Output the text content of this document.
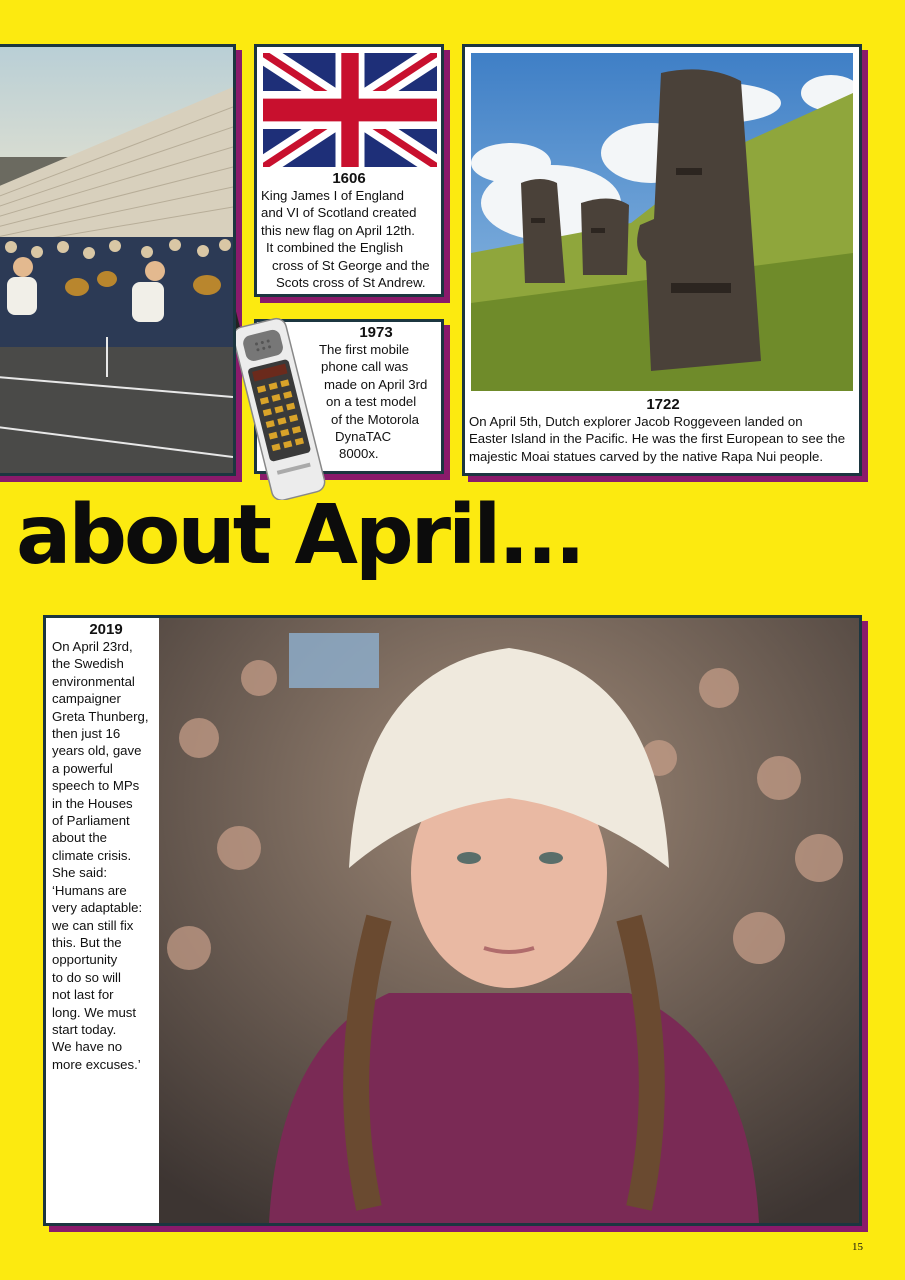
1606
King James I of England
and VI of Scotland created
this new flag on April 12th.
It combined the English
cross of St George and the
Scots cross of St Andrew.
1973
The first mobile
phone call was
made on April 3rd
on a test model
of the Motorola
DynaTAC
8000x.
1722
On April 5th, Dutch explorer Jacob Roggeveen landed on
Easter Island in the Pacific. He was the first European to see the
majestic Moai statues carved by the native Rapa Nui people.
about April...
2019
On April 23rd,
the Swedish
environmental
campaigner
Greta Thunberg,
then just 16
years old, gave
a powerful
speech to MPs
in the Houses
of Parliament
about the
climate crisis.
She said:
‘Humans are
very adaptable:
we can still fix
this. But the
opportunity
to do so will
not last for
long. We must
start today.
We have no
more excuses.’
15
